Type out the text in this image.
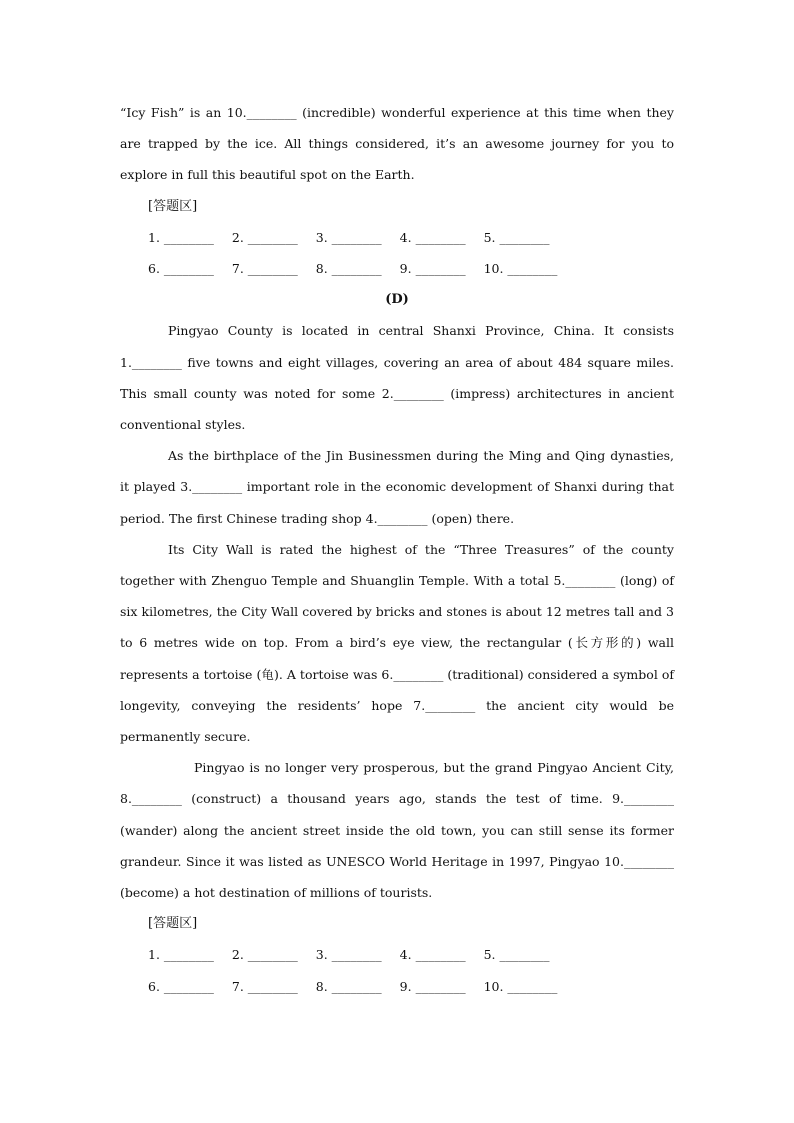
“Icy Fish” is an 10.________ (incredible) wonderful experience at this time when they are trapped by the ice. All things considered, it’s an awesome journey for you to explore in full this beautiful spot on the Earth.

[答题区]

1. ________ 2. ________ 3. ________ 4. ________ 5. ________

6. ________ 7. ________ 8. ________ 9. ________ 10. ________

(D)

Pingyao County is located in central Shanxi Province, China. It consists 1.________ five towns and eight villages, covering an area of about 484 square miles. This small county was noted for some 2.________ (impress) architectures in ancient conventional styles.

As the birthplace of the Jin Businessmen during the Ming and Qing dynasties, it played 3.________ important role in the economic development of Shanxi during that period. The first Chinese trading shop 4.________ (open) there.

Its City Wall is rated the highest of the “Three Treasures” of the county together with Zhenguo Temple and Shuanglin Temple. With a total 5.________ (long) of six kilometres, the City Wall covered by bricks and stones is about 12 metres tall and 3 to 6 metres wide on top. From a bird’s eye view, the rectangular (长方形的) wall represents a tortoise (龟). A tortoise was 6.________ (traditional) considered a symbol of longevity, conveying the residents’ hope 7.________ the ancient city would be permanently secure.

Pingyao is no longer very prosperous, but the grand Pingyao Ancient City, 8.________ (construct) a thousand years ago, stands the test of time. 9.________ (wander) along the ancient street inside the old town, you can still sense its former grandeur. Since it was listed as UNESCO World Heritage in 1997, Pingyao 10.________ (become) a hot destination of millions of tourists.

[答题区]

1. ________ 2. ________ 3. ________ 4. ________ 5. ________

6. ________ 7. ________ 8. ________ 9. ________ 10. ________
